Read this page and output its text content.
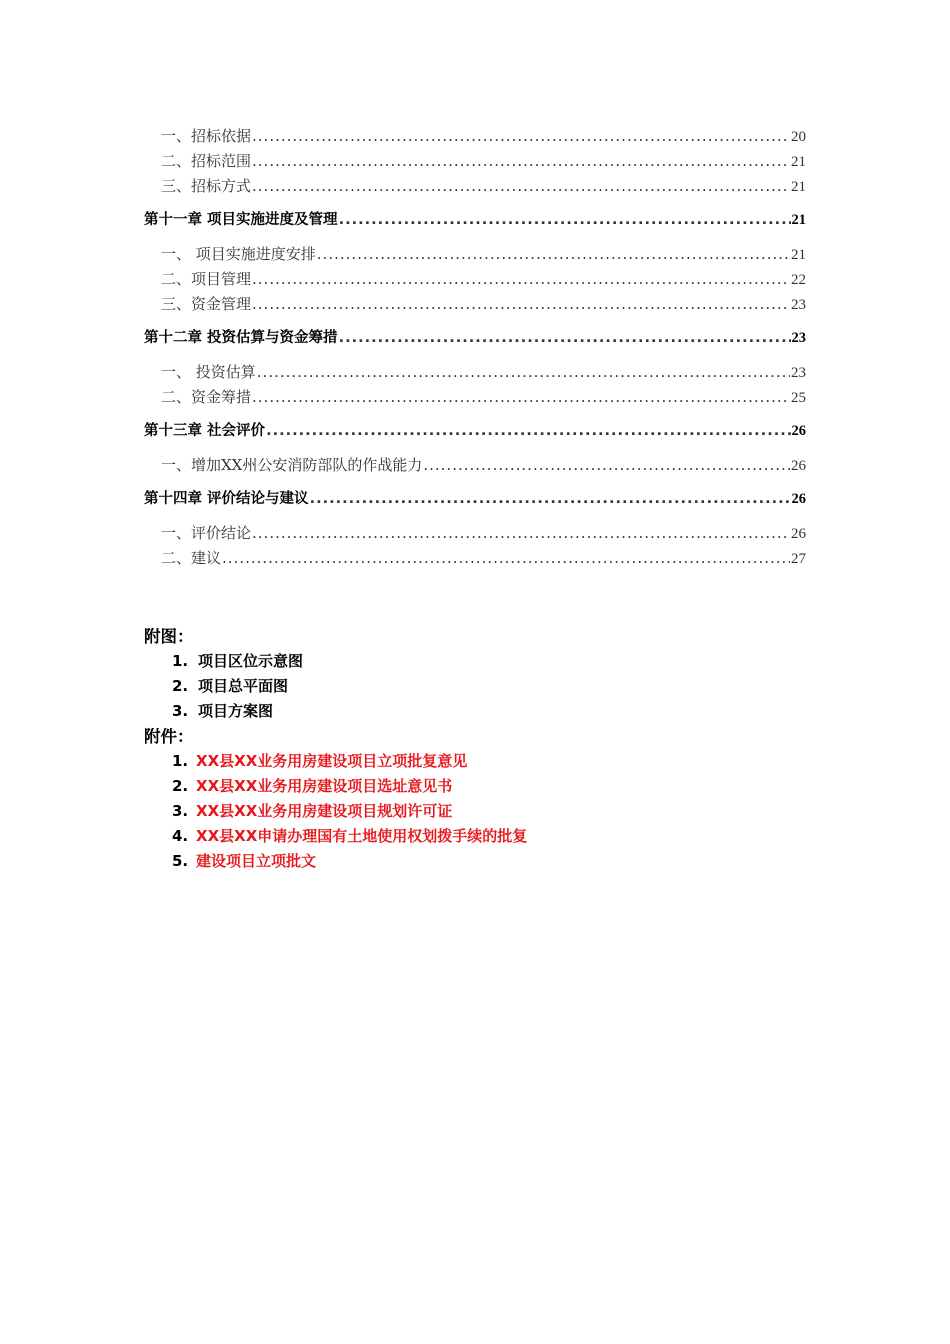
一、招标依据 .....	20
二、招标范围 .....	21
三、招标方式 .....	21
第十一章 项目实施进度及管理 .....	21
一、 项目实施进度安排 .....	21
二、项目管理 .....	22
三、资金管理 .....	23
第十二章 投资估算与资金筹措 .....	23
一、 投资估算 .....	23
二、资金筹措 .....	25
第十三章 社会评价 .....	26
一、增加XX州公安消防部队的作战能力 .....	26
第十四章 评价结论与建议 .....	26
一、评价结论 .....	26
二、建议 .....	27
附图：
1. 项目区位示意图
2. 项目总平面图
3. 项目方案图
附件：
1. XX县XX业务用房建设项目立项批复意见
2. XX县XX业务用房建设项目选址意见书
3. XX县XX业务用房建设项目规划许可证
4. XX县XX申请办理国有土地使用权划拨手续的批复
5. 建设项目立项批文
